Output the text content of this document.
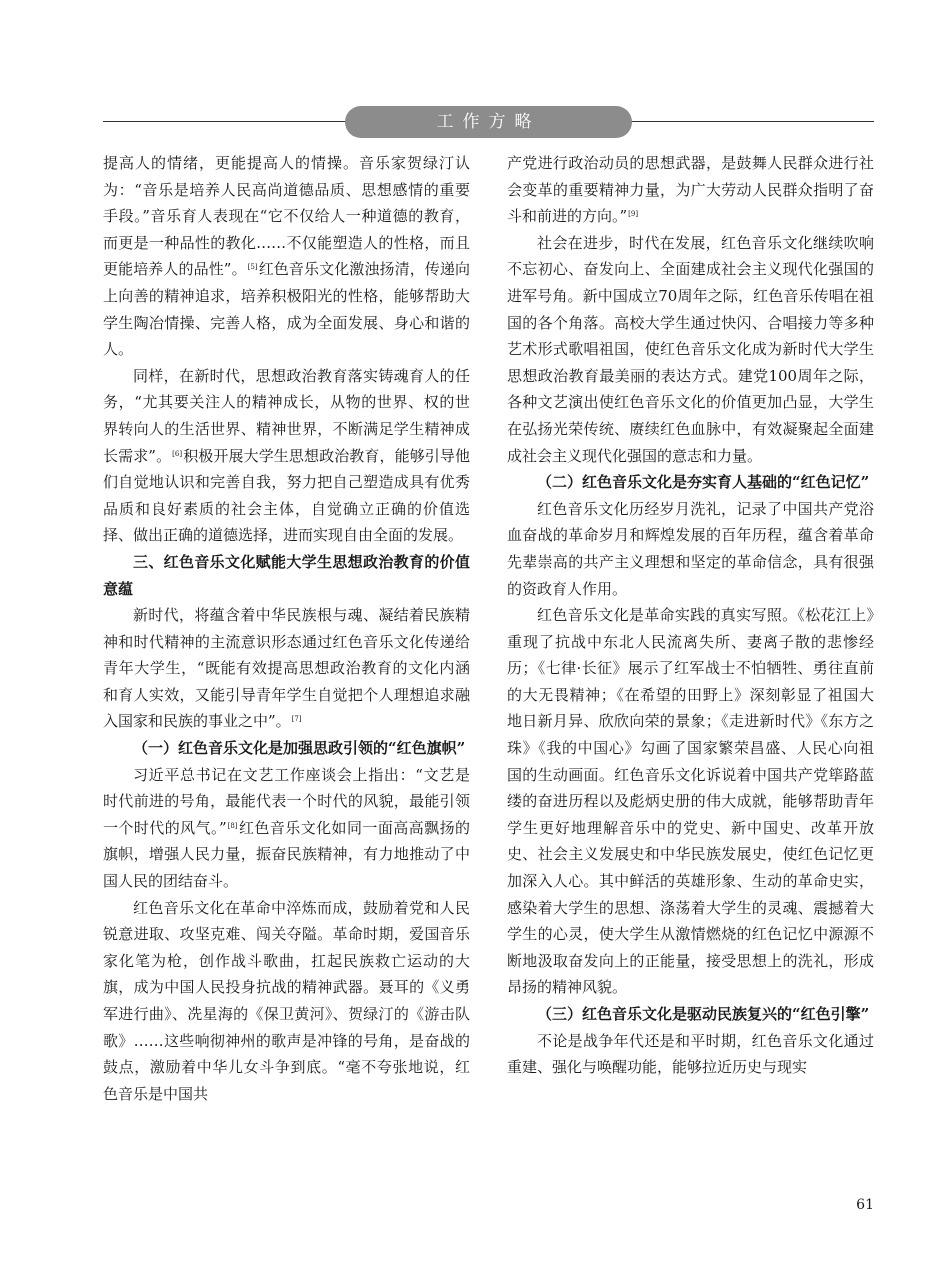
工作方略

提高人的情绪，更能提高人的情操。音乐家贺绿汀认为：“音乐是培养人民高尚道德品质、思想感情的重要手段。”音乐育人表现在“它不仅给人一种道德的教育，而更是一种品性的教化……不仅能塑造人的性格，而且更能培养人的品性”。[5]红色音乐文化激浊扬清，传递向上向善的精神追求，培养积极阳光的性格，能够帮助大学生陶冶情操、完善人格，成为全面发展、身心和谐的人。

同样，在新时代，思想政治教育落实铸魂育人的任务，“尤其要关注人的精神成长，从物的世界、权的世界转向人的生活世界、精神世界，不断满足学生精神成长需求”。[6]积极开展大学生思想政治教育，能够引导他们自觉地认识和完善自我，努力把自己塑造成具有优秀品质和良好素质的社会主体，自觉确立正确的价值选择、做出正确的道德选择，进而实现自由全面的发展。

三、红色音乐文化赋能大学生思想政治教育的价值意蕴

新时代，将蕴含着中华民族根与魂、凝结着民族精神和时代精神的主流意识形态通过红色音乐文化传递给青年大学生，“既能有效提高思想政治教育的文化内涵和育人实效，又能引导青年学生自觉把个人理想追求融入国家和民族的事业之中”。[7]

（一）红色音乐文化是加强思政引领的“红色旗帜”

习近平总书记在文艺工作座谈会上指出：“文艺是时代前进的号角，最能代表一个时代的风貌，最能引领一个时代的风气。”[8]红色音乐文化如同一面高高飘扬的旗帜，增强人民力量，振奋民族精神，有力地推动了中国人民的团结奋斗。

红色音乐文化在革命中淬炼而成，鼓励着党和人民锐意进取、攻坚克难、闯关夺隘。革命时期，爱国音乐家化笔为枪，创作战斗歌曲，扛起民族救亡运动的大旗，成为中国人民投身抗战的精神武器。聂耳的《义勇军进行曲》、冼星海的《保卫黄河》、贺绿汀的《游击队歌》……这些响彻神州的歌声是冲锋的号角，是奋战的鼓点，激励着中华儿女斗争到底。“毫不夸张地说，红色音乐是中国共

产党进行政治动员的思想武器，是鼓舞人民群众进行社会变革的重要精神力量，为广大劳动人民群众指明了奋斗和前进的方向。”[9]

社会在进步，时代在发展，红色音乐文化继续吹响不忘初心、奋发向上、全面建成社会主义现代化强国的进军号角。新中国成立70周年之际，红色音乐传唱在祖国的各个角落。高校大学生通过快闪、合唱接力等多种艺术形式歌唱祖国，使红色音乐文化成为新时代大学生思想政治教育最美丽的表达方式。建党100周年之际，各种文艺演出使红色音乐文化的价值更加凸显，大学生在弘扬光荣传统、赓续红色血脉中，有效凝聚起全面建成社会主义现代化强国的意志和力量。

（二）红色音乐文化是夯实育人基础的“红色记忆”

红色音乐文化历经岁月洗礼，记录了中国共产党浴血奋战的革命岁月和辉煌发展的百年历程，蕴含着革命先辈崇高的共产主义理想和坚定的革命信念，具有很强的资政育人作用。

红色音乐文化是革命实践的真实写照。《松花江上》重现了抗战中东北人民流离失所、妻离子散的悲惨经历；《七律·长征》展示了红军战士不怕牺牲、勇往直前的大无畏精神；《在希望的田野上》深刻彰显了祖国大地日新月异、欣欣向荣的景象；《走进新时代》《东方之珠》《我的中国心》勾画了国家繁荣昌盛、人民心向祖国的生动画面。红色音乐文化诉说着中国共产党筚路蓝缕的奋进历程以及彪炳史册的伟大成就，能够帮助青年学生更好地理解音乐中的党史、新中国史、改革开放史、社会主义发展史和中华民族发展史，使红色记忆更加深入人心。其中鲜活的英雄形象、生动的革命史实，感染着大学生的思想、涤荡着大学生的灵魂、震撼着大学生的心灵，使大学生从激情燃烧的红色记忆中源源不断地汲取奋发向上的正能量，接受思想上的洗礼，形成昂扬的精神风貌。

（三）红色音乐文化是驱动民族复兴的“红色引擎”

不论是战争年代还是和平时期，红色音乐文化通过重建、强化与唤醒功能，能够拉近历史与现实

61
